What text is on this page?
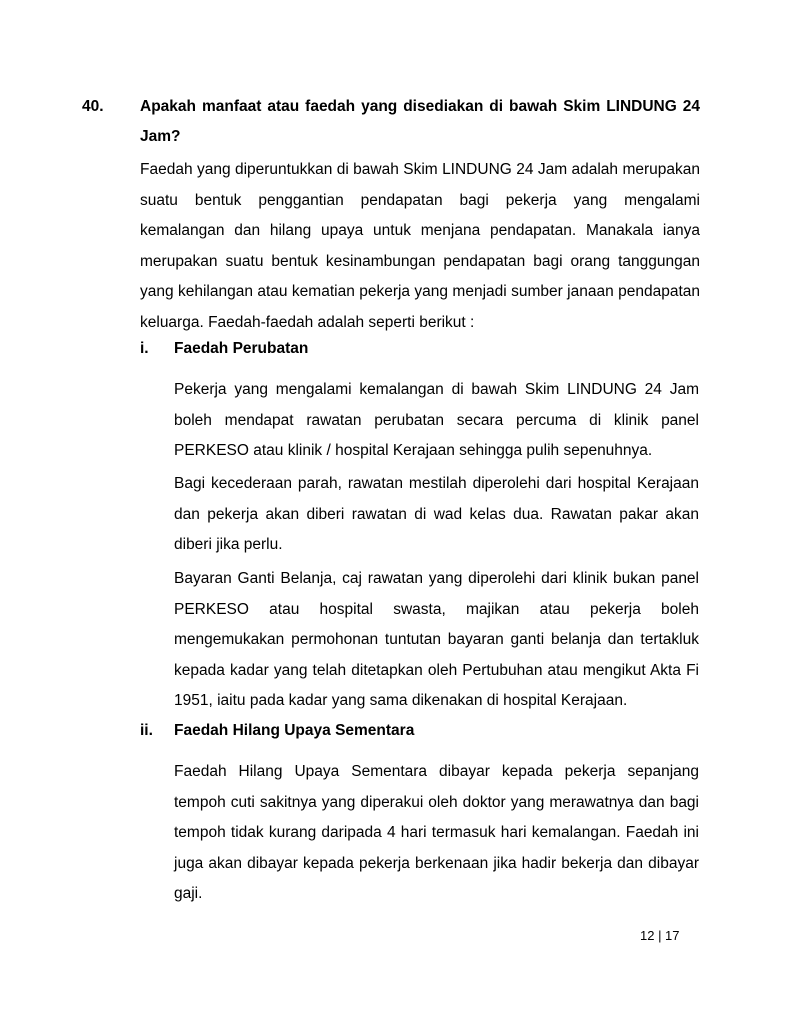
40. Apakah manfaat atau faedah yang disediakan di bawah Skim LINDUNG 24 Jam?

Faedah yang diperuntukkan di bawah Skim LINDUNG 24 Jam adalah merupakan suatu bentuk penggantian pendapatan bagi pekerja yang mengalami kemalangan dan hilang upaya untuk menjana pendapatan. Manakala ianya merupakan suatu bentuk kesinambungan pendapatan bagi orang tanggungan yang kehilangan atau kematian pekerja yang menjadi sumber janaan pendapatan keluarga. Faedah-faedah adalah seperti berikut :

i. Faedah Perubatan

Pekerja yang mengalami kemalangan di bawah Skim LINDUNG 24 Jam boleh mendapat rawatan perubatan secara percuma di klinik panel PERKESO atau klinik / hospital Kerajaan sehingga pulih sepenuhnya.

Bagi kecederaan parah, rawatan mestilah diperolehi dari hospital Kerajaan dan pekerja akan diberi rawatan di wad kelas dua. Rawatan pakar akan diberi jika perlu.

Bayaran Ganti Belanja, caj rawatan yang diperolehi dari klinik bukan panel PERKESO atau hospital swasta, majikan atau pekerja boleh mengemukakan permohonan tuntutan bayaran ganti belanja dan tertakluk kepada kadar yang telah ditetapkan oleh Pertubuhan atau mengikut Akta Fi 1951, iaitu pada kadar yang sama dikenakan di hospital Kerajaan.

ii. Faedah Hilang Upaya Sementara

Faedah Hilang Upaya Sementara dibayar kepada pekerja sepanjang tempoh cuti sakitnya yang diperakui oleh doktor yang merawatnya dan bagi tempoh tidak kurang daripada 4 hari termasuk hari kemalangan. Faedah ini juga akan dibayar kepada pekerja berkenaan jika hadir bekerja dan dibayar gaji.

12 | 17
